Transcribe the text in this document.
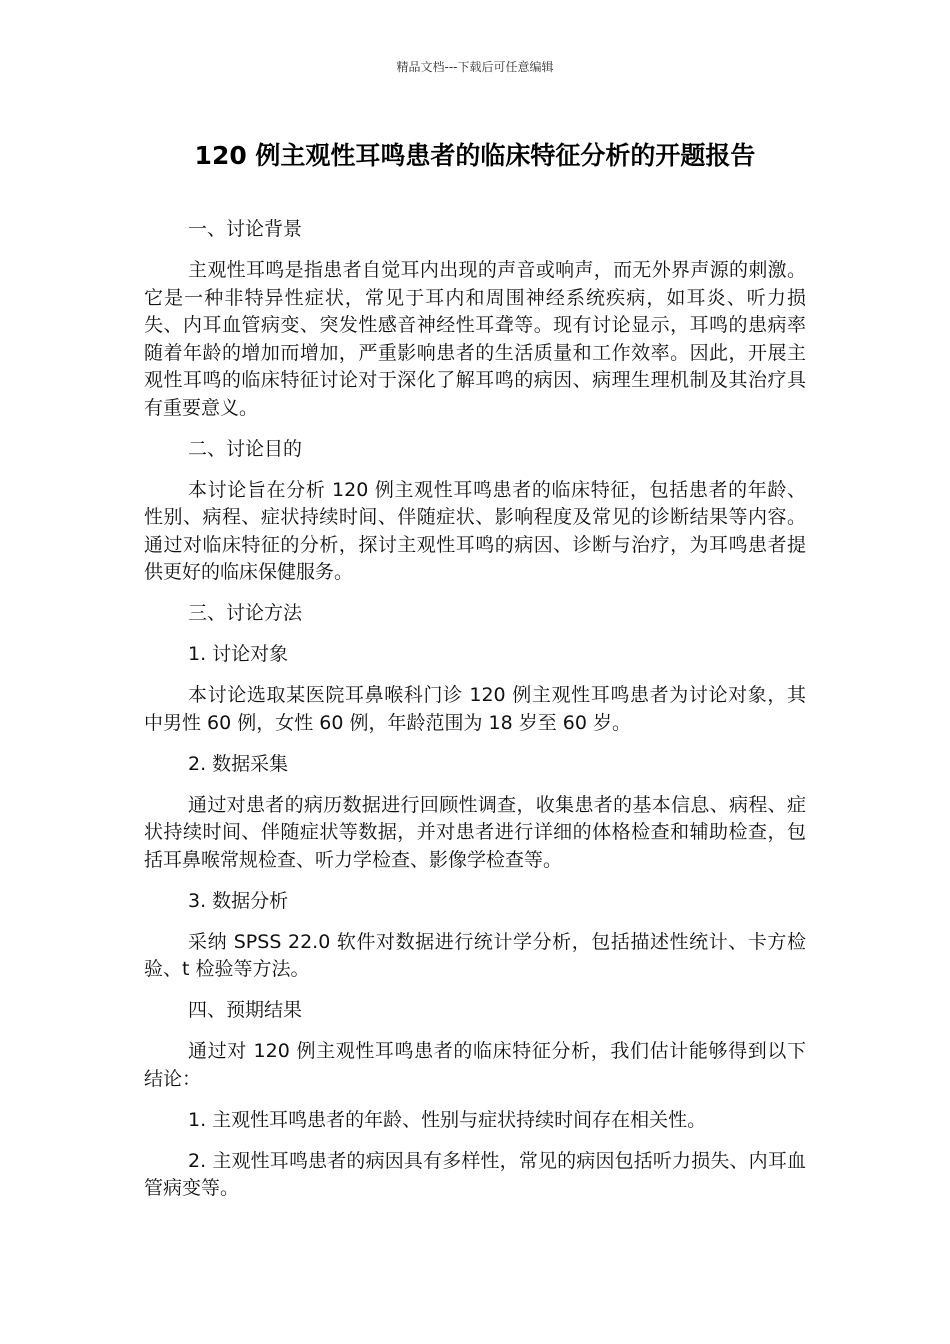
精品文档---下载后可任意编辑
120 例主观性耳鸣患者的临床特征分析的开题报告
一、讨论背景

主观性耳鸣是指患者自觉耳内出现的声音或响声，而无外界声源的刺激。它是一种非特异性症状，常见于耳内和周围神经系统疾病，如耳炎、听力损失、内耳血管病变、突发性感音神经性耳聋等。现有讨论显示，耳鸣的患病率随着年龄的增加而增加，严重影响患者的生活质量和工作效率。因此，开展主观性耳鸣的临床特征讨论对于深化了解耳鸣的病因、病理生理机制及其治疗具有重要意义。

二、讨论目的

本讨论旨在分析 120 例主观性耳鸣患者的临床特征，包括患者的年龄、性别、病程、症状持续时间、伴随症状、影响程度及常见的诊断结果等内容。通过对临床特征的分析，探讨主观性耳鸣的病因、诊断与治疗，为耳鸣患者提供更好的临床保健服务。

三、讨论方法
1. 讨论对象

本讨论选取某医院耳鼻喉科门诊 120 例主观性耳鸣患者为讨论对象，其中男性 60 例，女性 60 例，年龄范围为 18 岁至 60 岁。

2. 数据采集

通过对患者的病历数据进行回顾性调查，收集患者的基本信息、病程、症状持续时间、伴随症状等数据，并对患者进行详细的体格检查和辅助检查，包括耳鼻喉常规检查、听力学检查、影像学检查等。

3. 数据分析

采纳 SPSS 22.0 软件对数据进行统计学分析，包括描述性统计、卡方检验、t 检验等方法。

四、预期结果

通过对 120 例主观性耳鸣患者的临床特征分析，我们估计能够得到以下结论：

1. 主观性耳鸣患者的年龄、性别与症状持续时间存在相关性。

2. 主观性耳鸣患者的病因具有多样性，常见的病因包括听力损失、内耳血管病变等。
